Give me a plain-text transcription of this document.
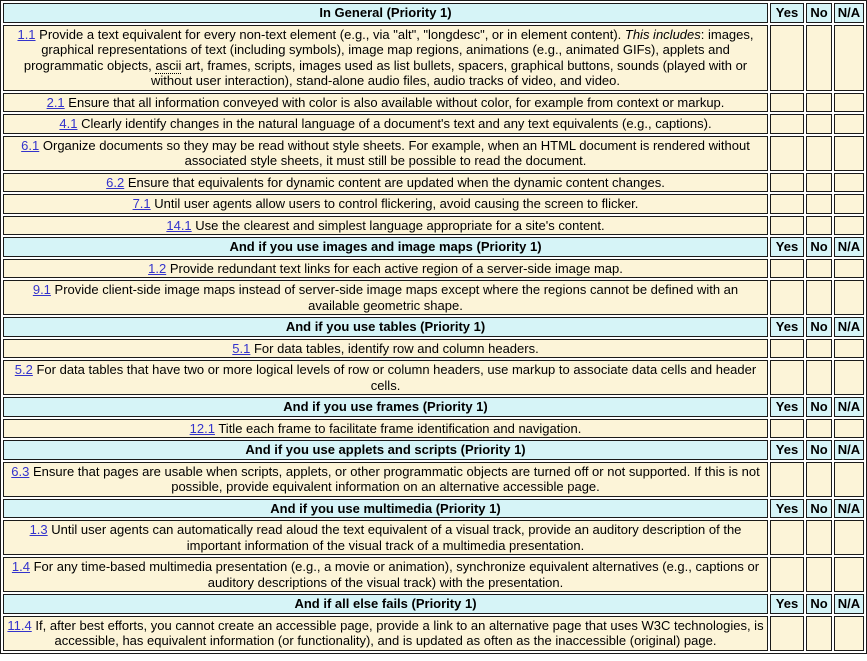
In General (Priority 1)	Yes	No	N/A
1.1 Provide a text equivalent for every non-text element (e.g., via "alt", "longdesc", or in element content). This includes: images, graphical representations of text (including symbols), image map regions, animations (e.g., animated GIFs), applets and programmatic objects, ascii art, frames, scripts, images used as list bullets, spacers, graphical buttons, sounds (played with or without user interaction), stand-alone audio files, audio tracks of video, and video.			
2.1 Ensure that all information conveyed with color is also available without color, for example from context or markup.			
4.1 Clearly identify changes in the natural language of a document's text and any text equivalents (e.g., captions).			
6.1 Organize documents so they may be read without style sheets. For example, when an HTML document is rendered without associated style sheets, it must still be possible to read the document.			
6.2 Ensure that equivalents for dynamic content are updated when the dynamic content changes.			
7.1 Until user agents allow users to control flickering, avoid causing the screen to flicker.			
14.1 Use the clearest and simplest language appropriate for a site's content.			
And if you use images and image maps (Priority 1)	Yes	No	N/A
1.2 Provide redundant text links for each active region of a server-side image map.			
9.1 Provide client-side image maps instead of server-side image maps except where the regions cannot be defined with an available geometric shape.			
And if you use tables (Priority 1)	Yes	No	N/A
5.1 For data tables, identify row and column headers.			
5.2 For data tables that have two or more logical levels of row or column headers, use markup to associate data cells and header cells.			
And if you use frames (Priority 1)	Yes	No	N/A
12.1 Title each frame to facilitate frame identification and navigation.			
And if you use applets and scripts (Priority 1)	Yes	No	N/A
6.3 Ensure that pages are usable when scripts, applets, or other programmatic objects are turned off or not supported. If this is not possible, provide equivalent information on an alternative accessible page.			
And if you use multimedia (Priority 1)	Yes	No	N/A
1.3 Until user agents can automatically read aloud the text equivalent of a visual track, provide an auditory description of the important information of the visual track of a multimedia presentation.			
1.4 For any time-based multimedia presentation (e.g., a movie or animation), synchronize equivalent alternatives (e.g., captions or auditory descriptions of the visual track) with the presentation.			
And if all else fails (Priority 1)	Yes	No	N/A
11.4 If, after best efforts, you cannot create an accessible page, provide a link to an alternative page that uses W3C technologies, is accessible, has equivalent information (or functionality), and is updated as often as the inaccessible (original) page.			
